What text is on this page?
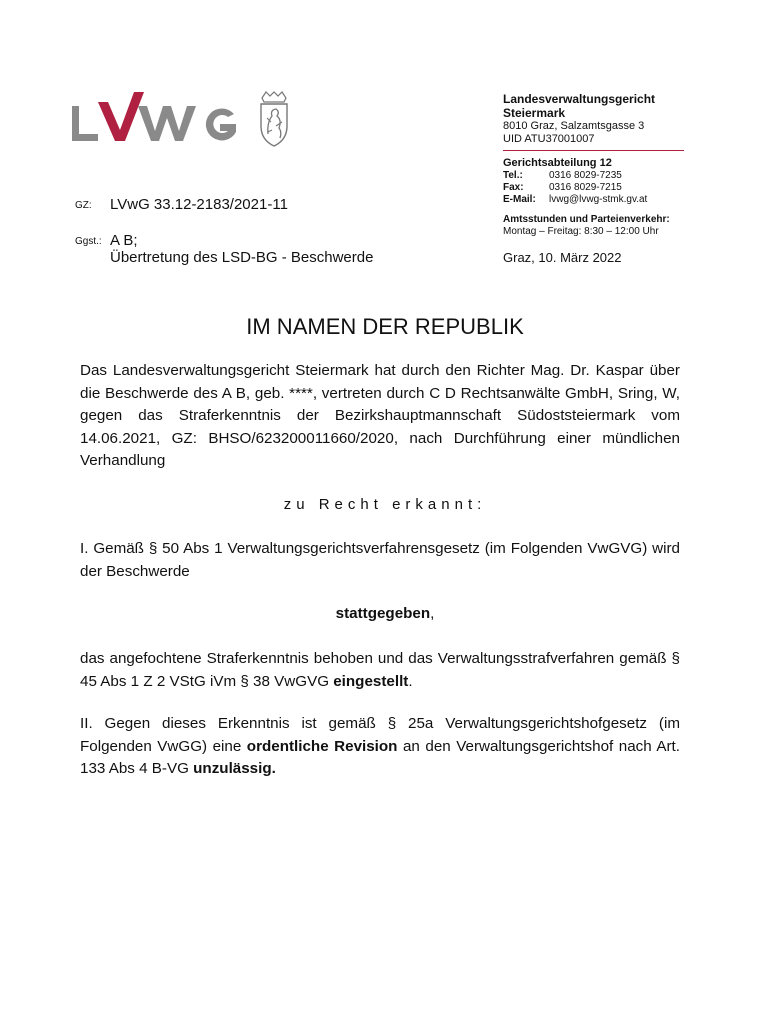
Landesverwaltungsgericht
Steiermark
8010 Graz, Salzamtsgasse 3
UID ATU37001007
Gerichtsabteilung 12
Tel.:	0316 8029-7235
Fax:	0316 8029-7215
E-Mail: lvwg@lvwg-stmk.gv.at
Amtsstunden und Parteienverkehr:
Montag – Freitag: 8:30 – 12:00 Uhr
Graz, 10. März 2022
GZ: LVwG 33.12-2183/2021-11
Ggst.: A B;
Übertretung des LSD-BG - Beschwerde
IM NAMEN DER REPUBLIK
Das Landesverwaltungsgericht Steiermark hat durch den Richter Mag. Dr. Kaspar über die Beschwerde des A B, geb. ****, vertreten durch C D Rechtsanwälte GmbH, Sring, W, gegen das Straferkenntnis der Bezirkshauptmannschaft Südoststeiermark vom 14.06.2021, GZ: BHSO/623200011660/2020, nach Durchführung einer mündlichen Verhandlung
zu Recht erkannt:
I. Gemäß § 50 Abs 1 Verwaltungsgerichtsverfahrensgesetz (im Folgenden VwGVG) wird der Beschwerde
stattgegeben,
das angefochtene Straferkenntnis behoben und das Verwaltungsstrafverfahren gemäß § 45 Abs 1 Z 2 VStG iVm § 38 VwGVG eingestellt.
II. Gegen dieses Erkenntnis ist gemäß § 25a Verwaltungsgerichtshofgesetz (im Folgenden VwGG) eine ordentliche Revision an den Verwaltungsgerichtshof nach Art. 133 Abs 4 B-VG unzulässig.
